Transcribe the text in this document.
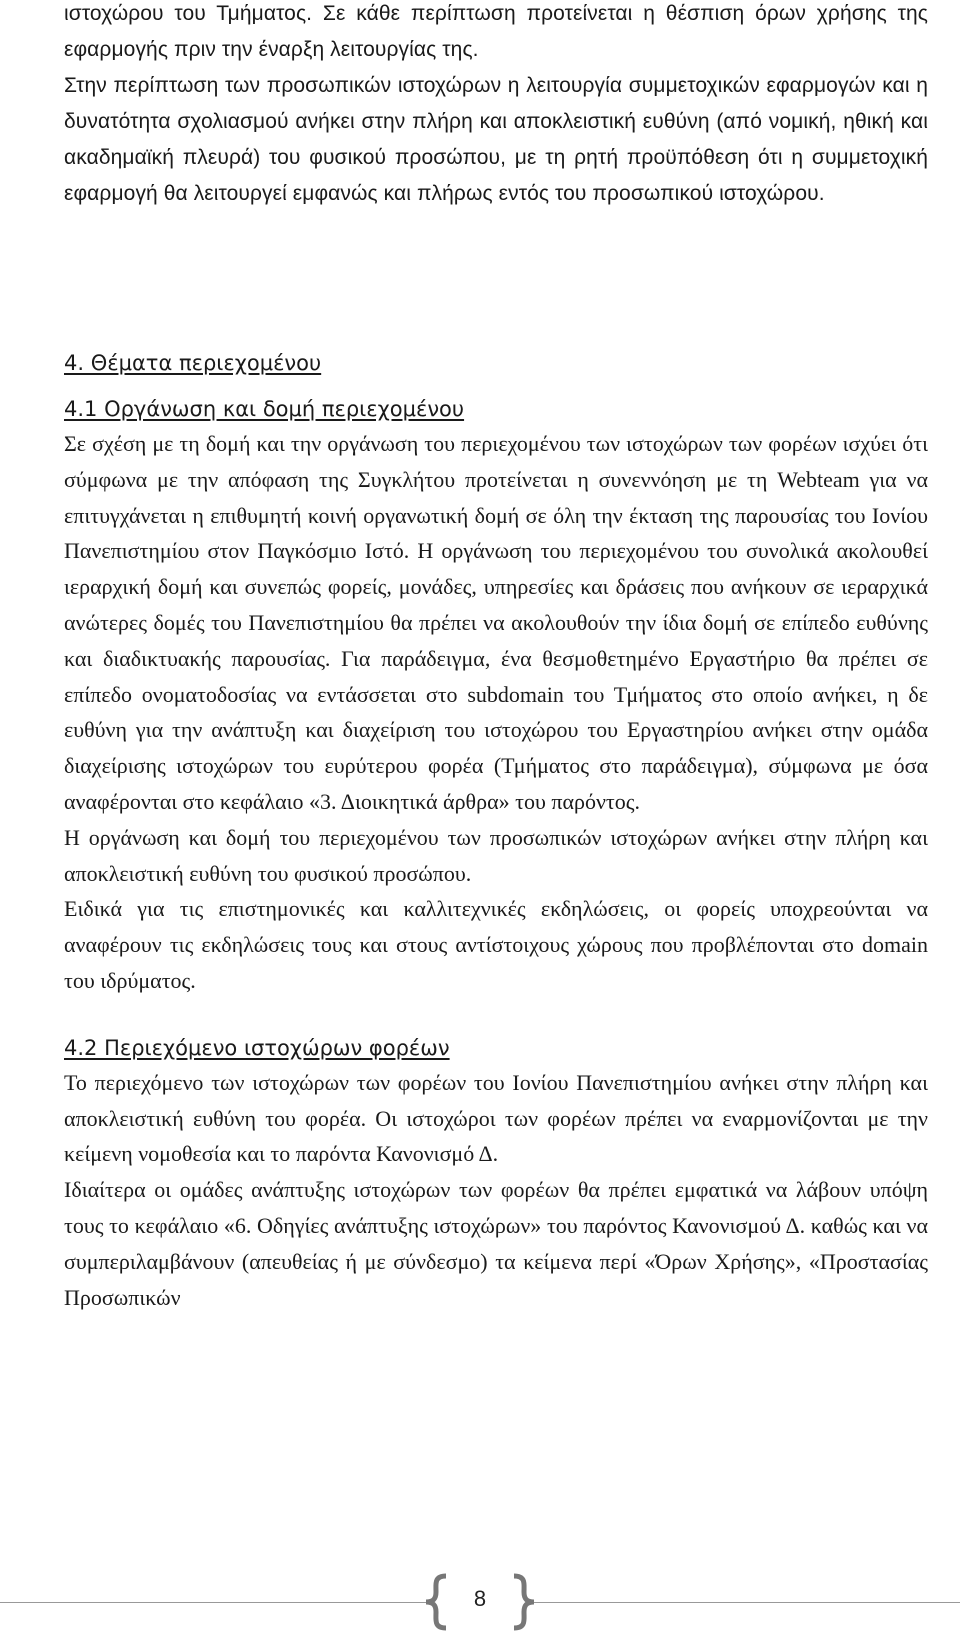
ιστοχώρου του Τμήματος. Σε κάθε περίπτωση προτείνεται η θέσπιση όρων χρήσης της εφαρμογής πριν την έναρξη λειτουργίας της.

Στην περίπτωση των προσωπικών ιστοχώρων η λειτουργία συμμετοχικών εφαρμογών και η δυνατότητα σχολιασμού ανήκει στην πλήρη και αποκλειστική ευθύνη (από νομική, ηθική και ακαδημαϊκή πλευρά) του φυσικού προσώπου, με τη ρητή προϋπόθεση ότι η συμμετοχική εφαρμογή θα λειτουργεί εμφανώς και πλήρως εντός του προσωπικού ιστοχώρου.

4. Θέματα περιεχομένου
4.1 Οργάνωση και δομή περιεχομένου

Σε σχέση με τη δομή και την οργάνωση του περιεχομένου των ιστοχώρων των φορέων ισχύει ότι σύμφωνα με την απόφαση της Συγκλήτου προτείνεται η συνεννόηση με τη Webteam για να επιτυγχάνεται η επιθυμητή κοινή οργανωτική δομή σε όλη την έκταση της παρουσίας του Ιονίου Πανεπιστημίου στον Παγκόσμιο Ιστό. Η οργάνωση του περιεχομένου του συνολικά ακολουθεί ιεραρχική δομή και συνεπώς φορείς, μονάδες, υπηρεσίες και δράσεις που ανήκουν σε ιεραρχικά ανώτερες δομές του Πανεπιστημίου θα πρέπει να ακολουθούν την ίδια δομή σε επίπεδο ευθύνης και διαδικτυακής παρουσίας. Για παράδειγμα, ένα θεσμοθετημένο Εργαστήριο θα πρέπει σε επίπεδο ονοματοδοσίας να εντάσσεται στο subdomain του Τμήματος στο οποίο ανήκει, η δε ευθύνη για την ανάπτυξη και διαχείριση του ιστοχώρου του Εργαστηρίου ανήκει στην ομάδα διαχείρισης ιστοχώρων του ευρύτερου φορέα (Τμήματος στο παράδειγμα), σύμφωνα με όσα αναφέρονται στο κεφάλαιο «3. Διοικητικά άρθρα» του παρόντος.

Η οργάνωση και δομή του περιεχομένου των προσωπικών ιστοχώρων ανήκει στην πλήρη και αποκλειστική ευθύνη του φυσικού προσώπου.

Ειδικά για τις επιστημονικές και καλλιτεχνικές εκδηλώσεις, οι φορείς υποχρεούνται να αναφέρουν τις εκδηλώσεις τους και στους αντίστοιχους χώρους που προβλέπονται στο domain του ιδρύματος.

4.2 Περιεχόμενο ιστοχώρων φορέων

Το περιεχόμενο των ιστοχώρων των φορέων του Ιονίου Πανεπιστημίου ανήκει στην πλήρη και αποκλειστική ευθύνη του φορέα. Οι ιστοχώροι των φορέων πρέπει να εναρμονίζονται με την κείμενη νομοθεσία και το παρόντα Κανονισμό Δ.

Ιδιαίτερα οι ομάδες ανάπτυξης ιστοχώρων των φορέων θα πρέπει εμφατικά να λάβουν υπόψη τους το κεφάλαιο «6. Οδηγίες ανάπτυξης ιστοχώρων» του παρόντος Κανονισμού Δ. καθώς και να συμπεριλαμβάνουν (απευθείας ή με σύνδεσμο) τα κείμενα περί «Όρων Χρήσης», «Προστασίας Προσωπικών

8
